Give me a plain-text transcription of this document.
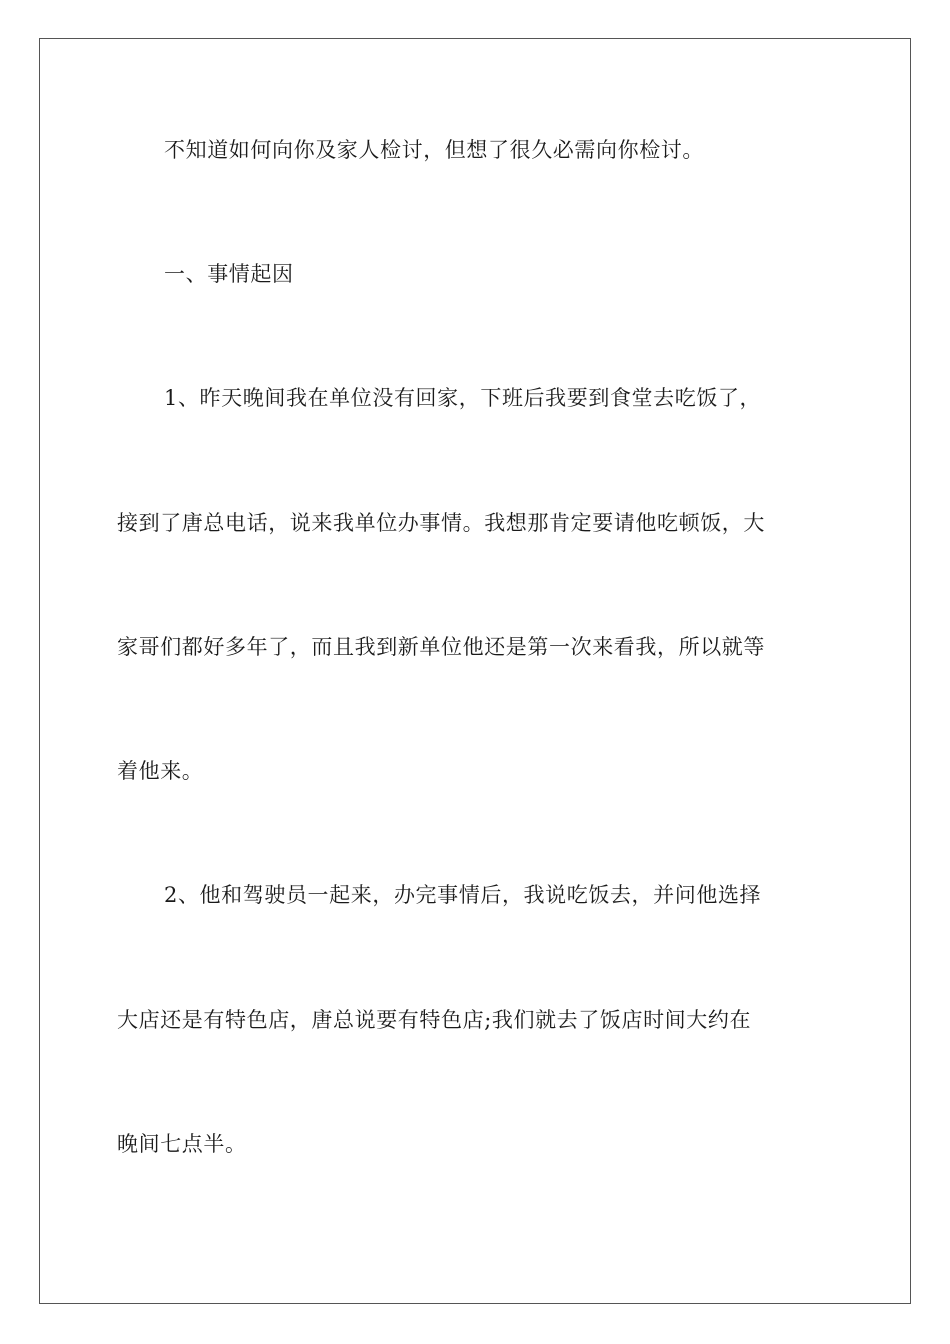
不知道如何向你及家人检讨，但想了很久必需向你检讨。
一、事情起因
1、昨天晚间我在单位没有回家，下班后我要到食堂去吃饭了，
接到了唐总电话，说来我单位办事情。我想那肯定要请他吃顿饭，大
家哥们都好多年了，而且我到新单位他还是第一次来看我，所以就等
着他来。
2、他和驾驶员一起来，办完事情后，我说吃饭去，并问他选择
大店还是有特色店，唐总说要有特色店;我们就去了饭店时间大约在
晚间七点半。
